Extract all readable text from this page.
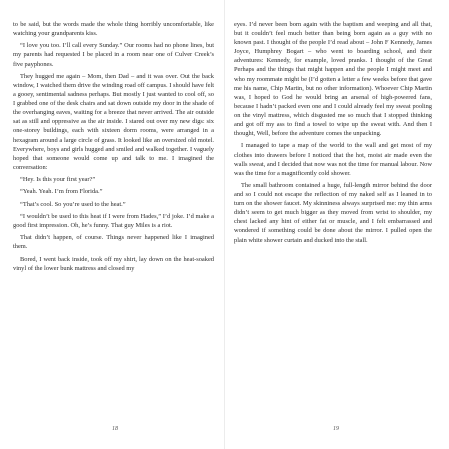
to be said, but the words made the whole thing horribly uncomfortable, like watching your grandparents kiss.

“I love you too. I’ll call every Sunday.” Our rooms had no phone lines, but my parents had requested I be placed in a room near one of Culver Creek’s five payphones.

They hugged me again – Mom, then Dad – and it was over. Out the back window, I watched them drive the winding road off campus. I should have felt a gooey, sentimental sadness perhaps. But mostly I just wanted to cool off, so I grabbed one of the desk chairs and sat down outside my door in the shade of the overhanging eaves, waiting for a breeze that never arrived. The air outside sat as still and oppressive as the air inside. I stared out over my new digs: six one-storey buildings, each with sixteen dorm rooms, were arranged in a hexagram around a large circle of grass. It looked like an oversized old motel. Everywhere, boys and girls hugged and smiled and walked together. I vaguely hoped that someone would come up and talk to me. I imagined the conversation:

“Hey. Is this your first year?”

“Yeah. Yeah. I’m from Florida.”

“That’s cool. So you’re used to the heat.”

“I wouldn’t be used to this heat if I were from Hades,” I’d joke. I’d make a good first impression. Oh, he’s funny. That guy Miles is a riot.

That didn’t happen, of course. Things never happened like I imagined them.

Bored, I went back inside, took off my shirt, lay down on the heat-soaked vinyl of the lower bunk mattress and closed my

18

eyes. I’d never been born again with the baptism and weeping and all that, but it couldn’t feel much better than being born again as a guy with no known past. I thought of the people I’d read about – John F Kennedy, James Joyce, Humphrey Bogart – who went to boarding school, and their adventures: Kennedy, for example, loved pranks. I thought of the Great Perhaps and the things that might happen and the people I might meet and who my roommate might be (I’d gotten a letter a few weeks before that gave me his name, Chip Martin, but no other information). Whoever Chip Martin was, I hoped to God he would bring an arsenal of high-powered fans, because I hadn’t packed even one and I could already feel my sweat pooling on the vinyl mattress, which disgusted me so much that I stopped thinking and got off my ass to find a towel to wipe up the sweat with. And then I thought, Well, before the adventure comes the unpacking.

I managed to tape a map of the world to the wall and get most of my clothes into drawers before I noticed that the hot, moist air made even the walls sweat, and I decided that now was not the time for manual labour. Now was the time for a magnificently cold shower.

The small bathroom contained a huge, full-length mirror behind the door and so I could not escape the reflection of my naked self as I leaned in to turn on the shower faucet. My skinniness always surprised me: my thin arms didn’t seem to get much bigger as they moved from wrist to shoulder, my chest lacked any hint of either fat or muscle, and I felt embarrassed and wondered if something could be done about the mirror. I pulled open the plain white shower curtain and ducked into the stall.

19
